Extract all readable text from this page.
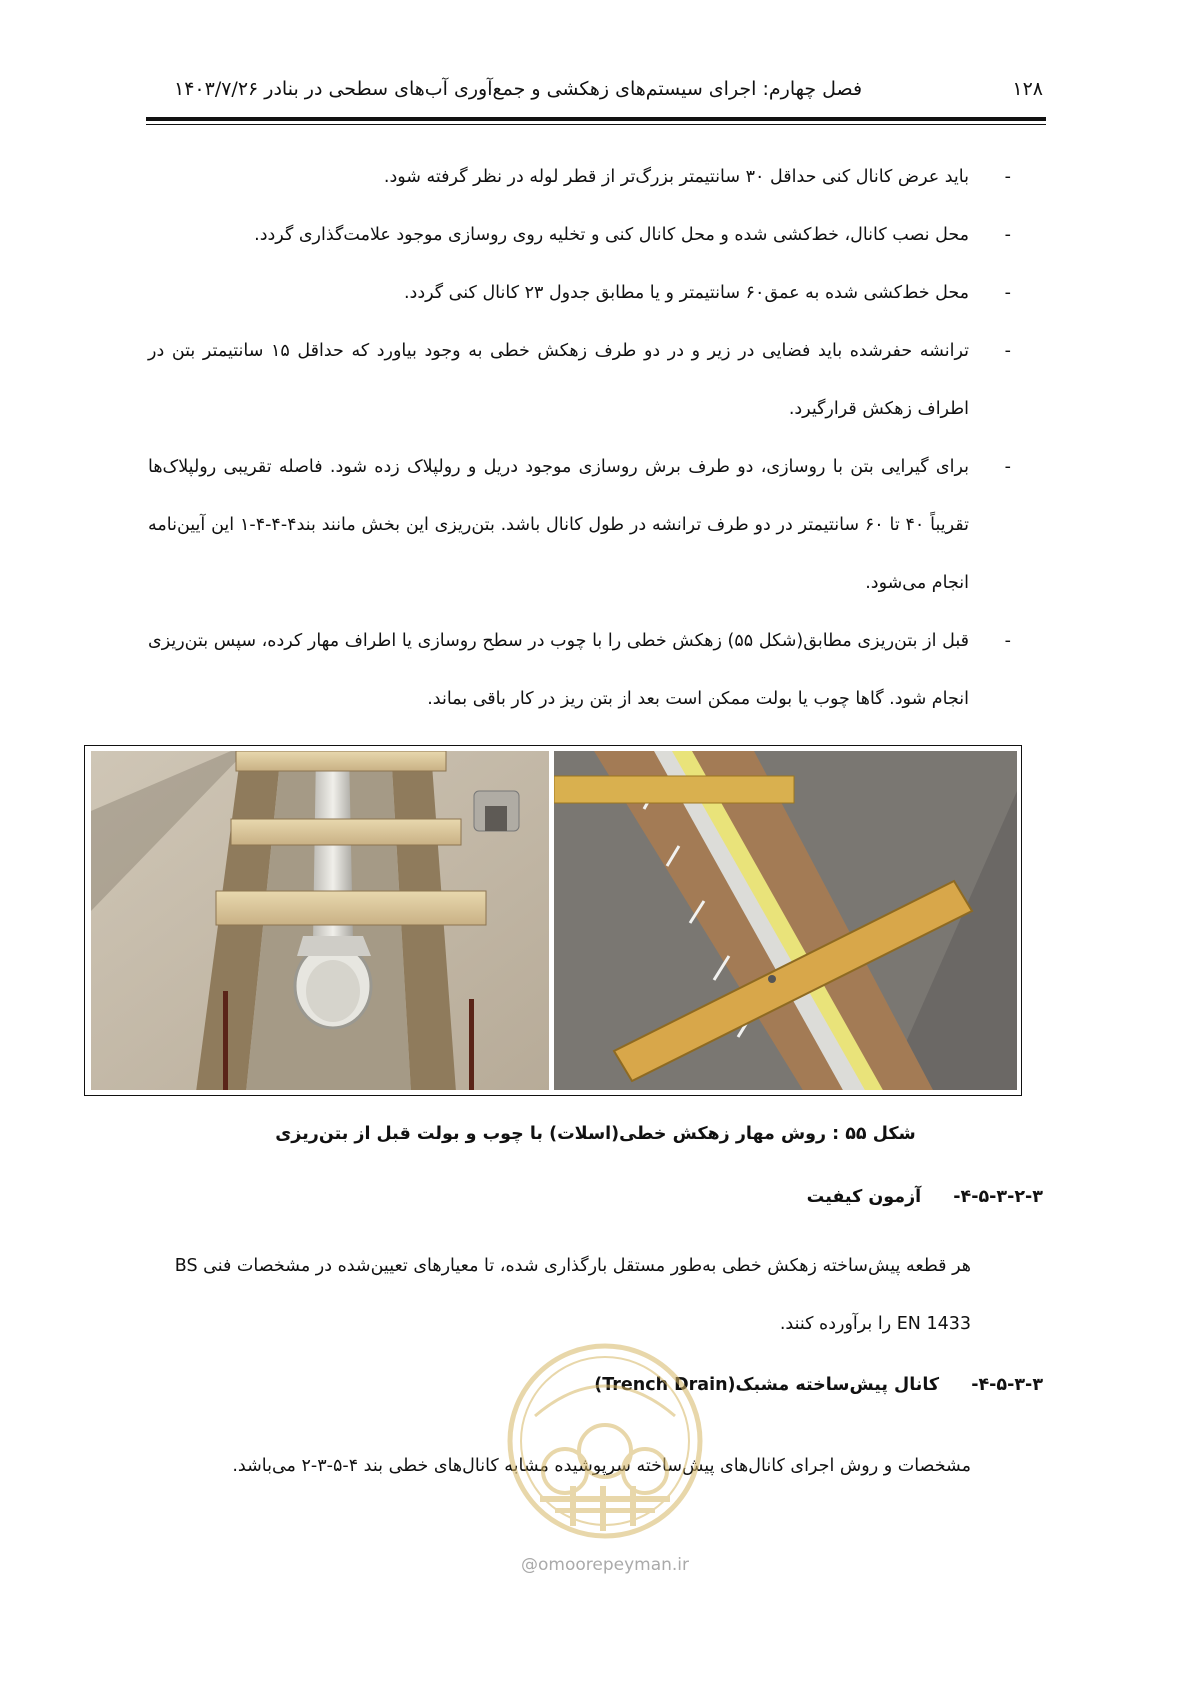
۱۲۸
فصل چهارم: اجرای سیستم‌های زهکشی و جمع‌آوری آب‌های سطحی در بنادر ۱۴۰۳/۷/۲۶

- باید عرض کانال کنی حداقل ۳۰ سانتیمتر بزرگ‌تر از قطر لوله در نظر گرفته شود.

- محل نصب کانال، خط‌کشی شده و محل کانال کنی و تخلیه روی روسازی موجود علامت‌گذاری گردد.

- محل خط‌کشی شده به عمق۶۰ سانتیمتر و یا مطابق جدول ۲۳ کانال کنی گردد.

- ترانشه حفرشده باید فضایی در زیر و در دو طرف زهکش خطی به وجود بیاورد که حداقل ۱۵ سانتیمتر بتن در اطراف زهکش قرارگیرد.

- برای گیرایی بتن با روسازی، دو طرف برش روسازی موجود دریل و رولپلاک زده شود. فاصله تقریبی رولپلاک‌ها تقریباً ۴۰ تا ۶۰ سانتیمتر در دو طرف ترانشه در طول کانال باشد. بتن‌ریزی این بخش مانند بند۴-۴-۴-۱ این آیین‌نامه انجام می‌شود.

- قبل از بتن‌ریزی مطابق(شکل ۵۵) زهکش خطی را با چوب در سطح روسازی یا اطراف مهار کرده، سپس بتن‌ریزی انجام شود. گاها چوب یا بولت ممکن است بعد از بتن ریز در کار باقی بماند.

شکل ۵۵ : روش مهار زهکش خطی(اسلات) با چوب و بولت قبل از بتن‌ریزی
۴-۵-۳-۲-۳- آزمون کیفیت
هر قطعه پیش‌ساخته زهکش خطی به‌طور مستقل بارگذاری شده، تا معیارهای تعیین‌شده در مشخصات فنی BS
EN 1433 را برآورده کنند.
۴-۵-۳-۳- کانال پیش‌ساخته مشبک(Trench Drain)
مشخصات و روش اجرای کانال‌های پیش‌ساخته سرپوشیده مشابه کانال‌های خطی بند ۴-۵-۳-۲ می‌باشد.
@omoorepeyman.ir
